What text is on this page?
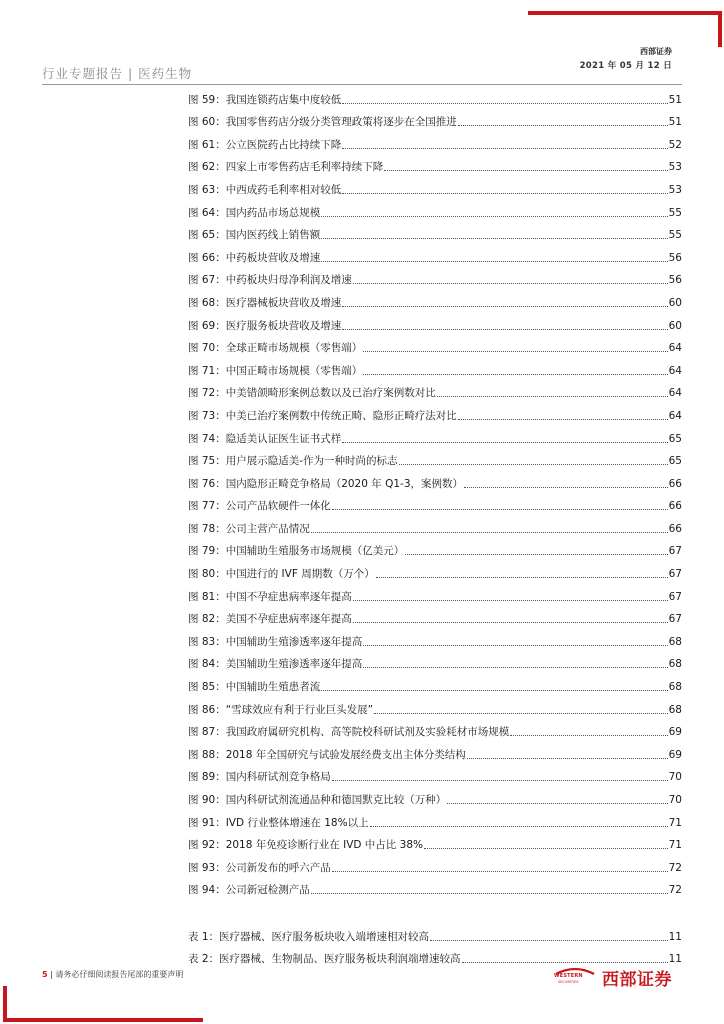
西部证券
2021 年 05 月 12 日
行业专题报告 | 医药生物
图 59：我国连锁药店集中度较低	51
图 60：我国零售药店分级分类管理政策将逐步在全国推进	51
图 61：公立医院药占比持续下降	52
图 62：四家上市零售药店毛利率持续下降	53
图 63：中西成药毛利率相对较低	53
图 64：国内药品市场总规模	55
图 65：国内医药线上销售额	55
图 66：中药板块营收及增速	56
图 67：中药板块归母净利润及增速	56
图 68：医疗器械板块营收及增速	60
图 69：医疗服务板块营收及增速	60
图 70：全球正畸市场规模（零售端）	64
图 71：中国正畸市场规模（零售端）	64
图 72：中美错颌畸形案例总数以及已治疗案例数对比	64
图 73：中美已治疗案例数中传统正畸、隐形正畸疗法对比	64
图 74：隐适美认证医生证书式样	65
图 75：用户展示隐适美-作为一种时尚的标志	65
图 76：国内隐形正畸竞争格局（2020 年 Q1-3，案例数）	66
图 77：公司产品软硬件一体化	66
图 78：公司主营产品情况	66
图 79：中国辅助生殖服务市场规模（亿美元）	67
图 80：中国进行的 IVF 周期数（万个）	67
图 81：中国不孕症患病率逐年提高	67
图 82：美国不孕症患病率逐年提高	67
图 83：中国辅助生殖渗透率逐年提高	68
图 84：美国辅助生殖渗透率逐年提高	68
图 85：中国辅助生殖患者流	68
图 86：“雪球效应有利于行业巨头发展”	68
图 87：我国政府属研究机构、高等院校科研试剂及实验耗材市场规模	69
图 88：2018 年全国研究与试验发展经费支出主体分类结构	69
图 89：国内科研试剂竞争格局	70
图 90：国内科研试剂流通品种和德国默克比较（万种）	70
图 91：IVD 行业整体增速在 18%以上	71
图 92：2018 年免疫诊断行业在 IVD 中占比 38%	71
图 93：公司新发布的呼六产品	72
图 94：公司新冠检测产品	72
表 1：医疗器械、医疗服务板块收入端增速相对较高	11
表 2：医疗器械、生物制品、医疗服务板块利润端增速较高	11
5 | 请务必仔细阅读报告尾部的重要声明	WESTERN
SECURITIES 西部证券
